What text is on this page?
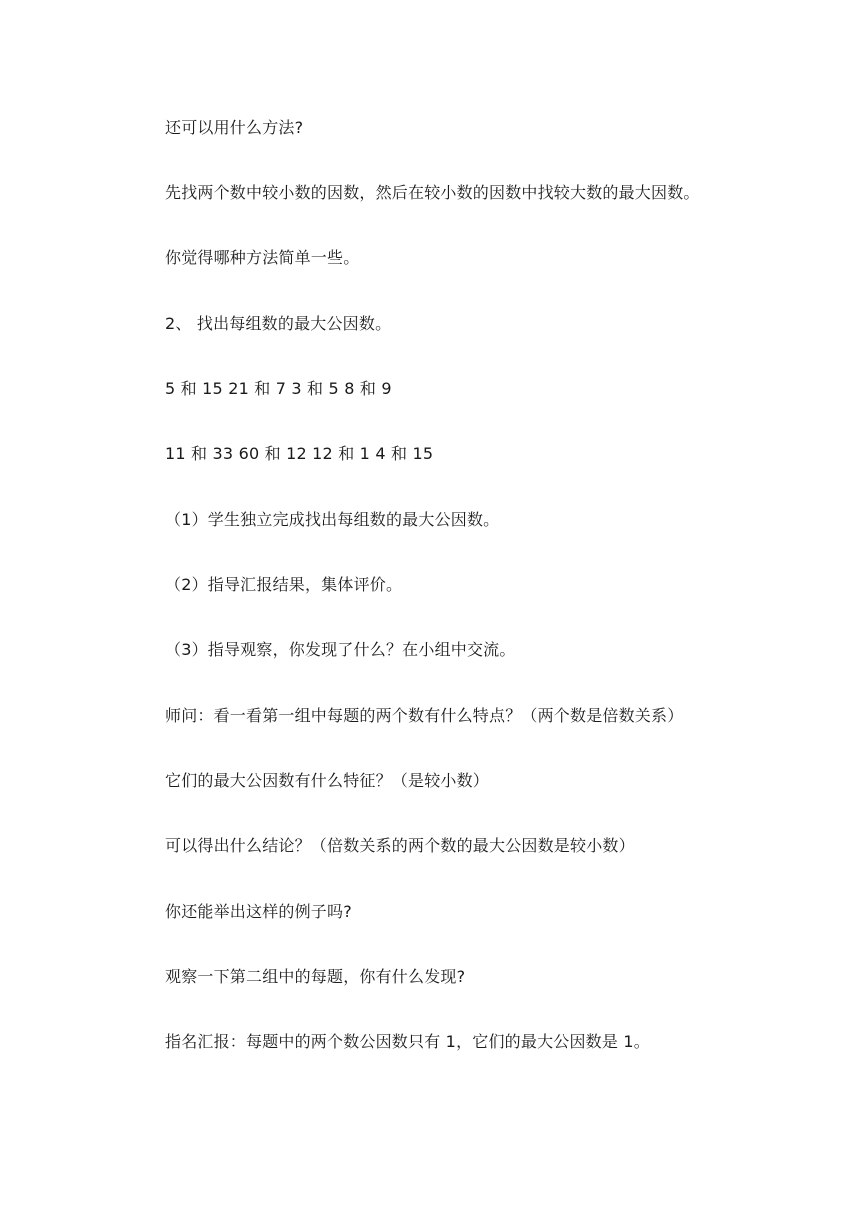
还可以用什么方法?
先找两个数中较小数的因数，然后在较小数的因数中找较大数的最大因数。
你觉得哪种方法简单一些。
2、 找出每组数的最大公因数。
5 和 15 21 和 7 3 和 5 8 和 9
11 和 33 60 和 12 12 和 1 4 和 15
（1）学生独立完成找出每组数的最大公因数。
（2）指导汇报结果，集体评价。
（3）指导观察，你发现了什么？在小组中交流。
师问：看一看第一组中每题的两个数有什么特点？（两个数是倍数关系）
它们的最大公因数有什么特征？（是较小数）
可以得出什么结论？（倍数关系的两个数的最大公因数是较小数）
你还能举出这样的例子吗?
观察一下第二组中的每题，你有什么发现?
指名汇报：每题中的两个数公因数只有 1，它们的最大公因数是 1。
